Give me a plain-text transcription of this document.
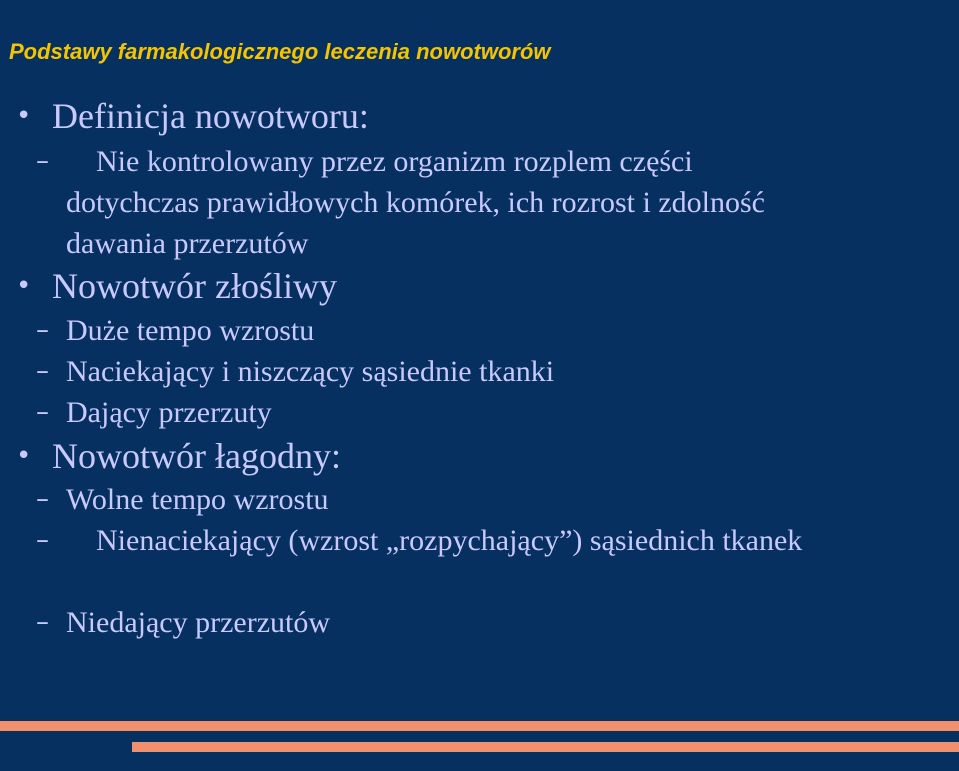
Podstawy farmakologicznego leczenia nowotworów
• Definicja nowotworu:
–	Nie kontrolowany przez organizm rozplem części dotychczas prawidłowych komórek, ich rozrost i zdolność dawania przerzutów
• Nowotwór złośliwy
– Duże tempo wzrostu
– Naciekający i niszczący sąsiednie tkanki
– Dający przerzuty
• Nowotwór łagodny:
– Wolne tempo wzrostu
–	Nienaciekający (wzrost „rozpychający”) sąsiednich tkanek
– Niedający przerzutów
